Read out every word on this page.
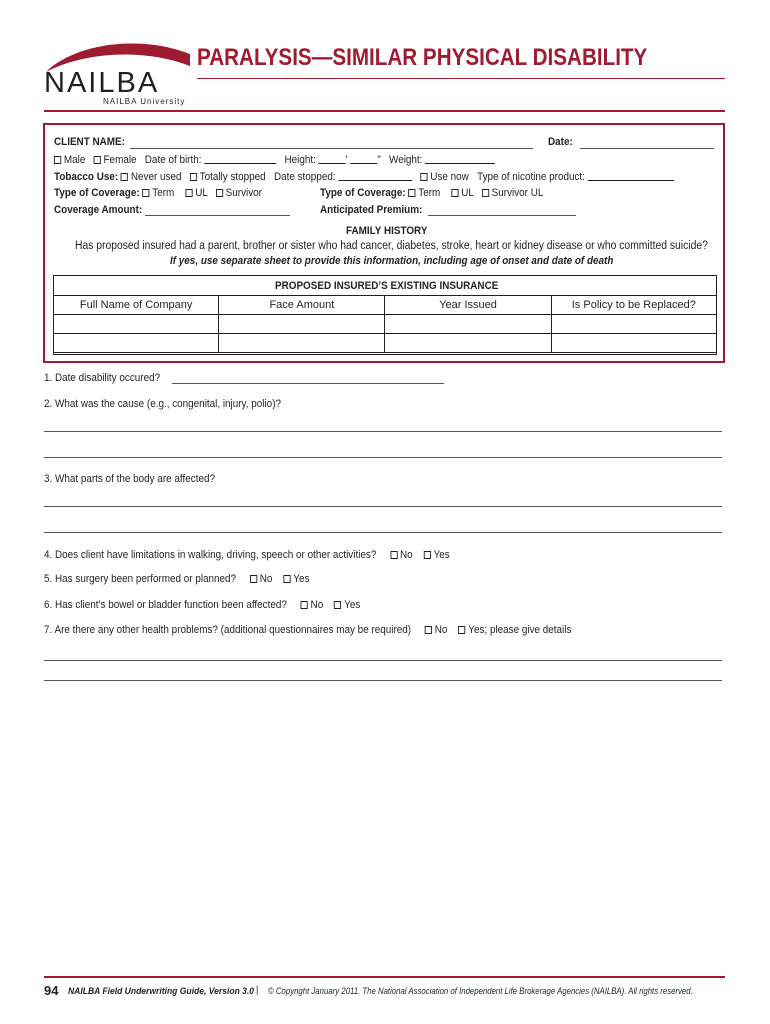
NAILBA
NAILBA University
PARALYSIS—SIMILAR PHYSICAL DISABILITY
CLIENT NAME:	Date:
Male Female Date of birth:	Height:	'	" Weight:
Tobacco Use: Never used Totally stopped Date stopped:	Use now Type of nicotine product:
Type of Coverage: Term UL Survivor	Type of Coverage: Term UL Survivor UL
Coverage Amount:	Anticipated Premium:
FAMILY HISTORY
Has proposed insured had a parent, brother or sister who had cancer, diabetes, stroke, heart or kidney disease or who committed suicide?
If yes, use separate sheet to provide this information, including age of onset and date of death
PROPOSED INSURED’S EXISTING INSURANCE
Full Name of Company	Face Amount	Year Issued	Is Policy to be Replaced?

1. Date disability occured?
2. What was the cause (e.g., congenital, injury, polio)?
3. What parts of the body are affected?
4. Does client have limitations in walking, driving, speech or other activities? No Yes
5. Has surgery been performed or planned? No Yes
6. Has client’s bowel or bladder function been affected? No Yes
7. Are there any other health problems? (additional questionnaires may be required) No Yes; please give details
94 NAILBA Field Underwriting Guide, Version 3.0 | © Copyright January 2011. The National Association of Independent Life Brokerage Agencies (NAILBA). All rights reserved.
